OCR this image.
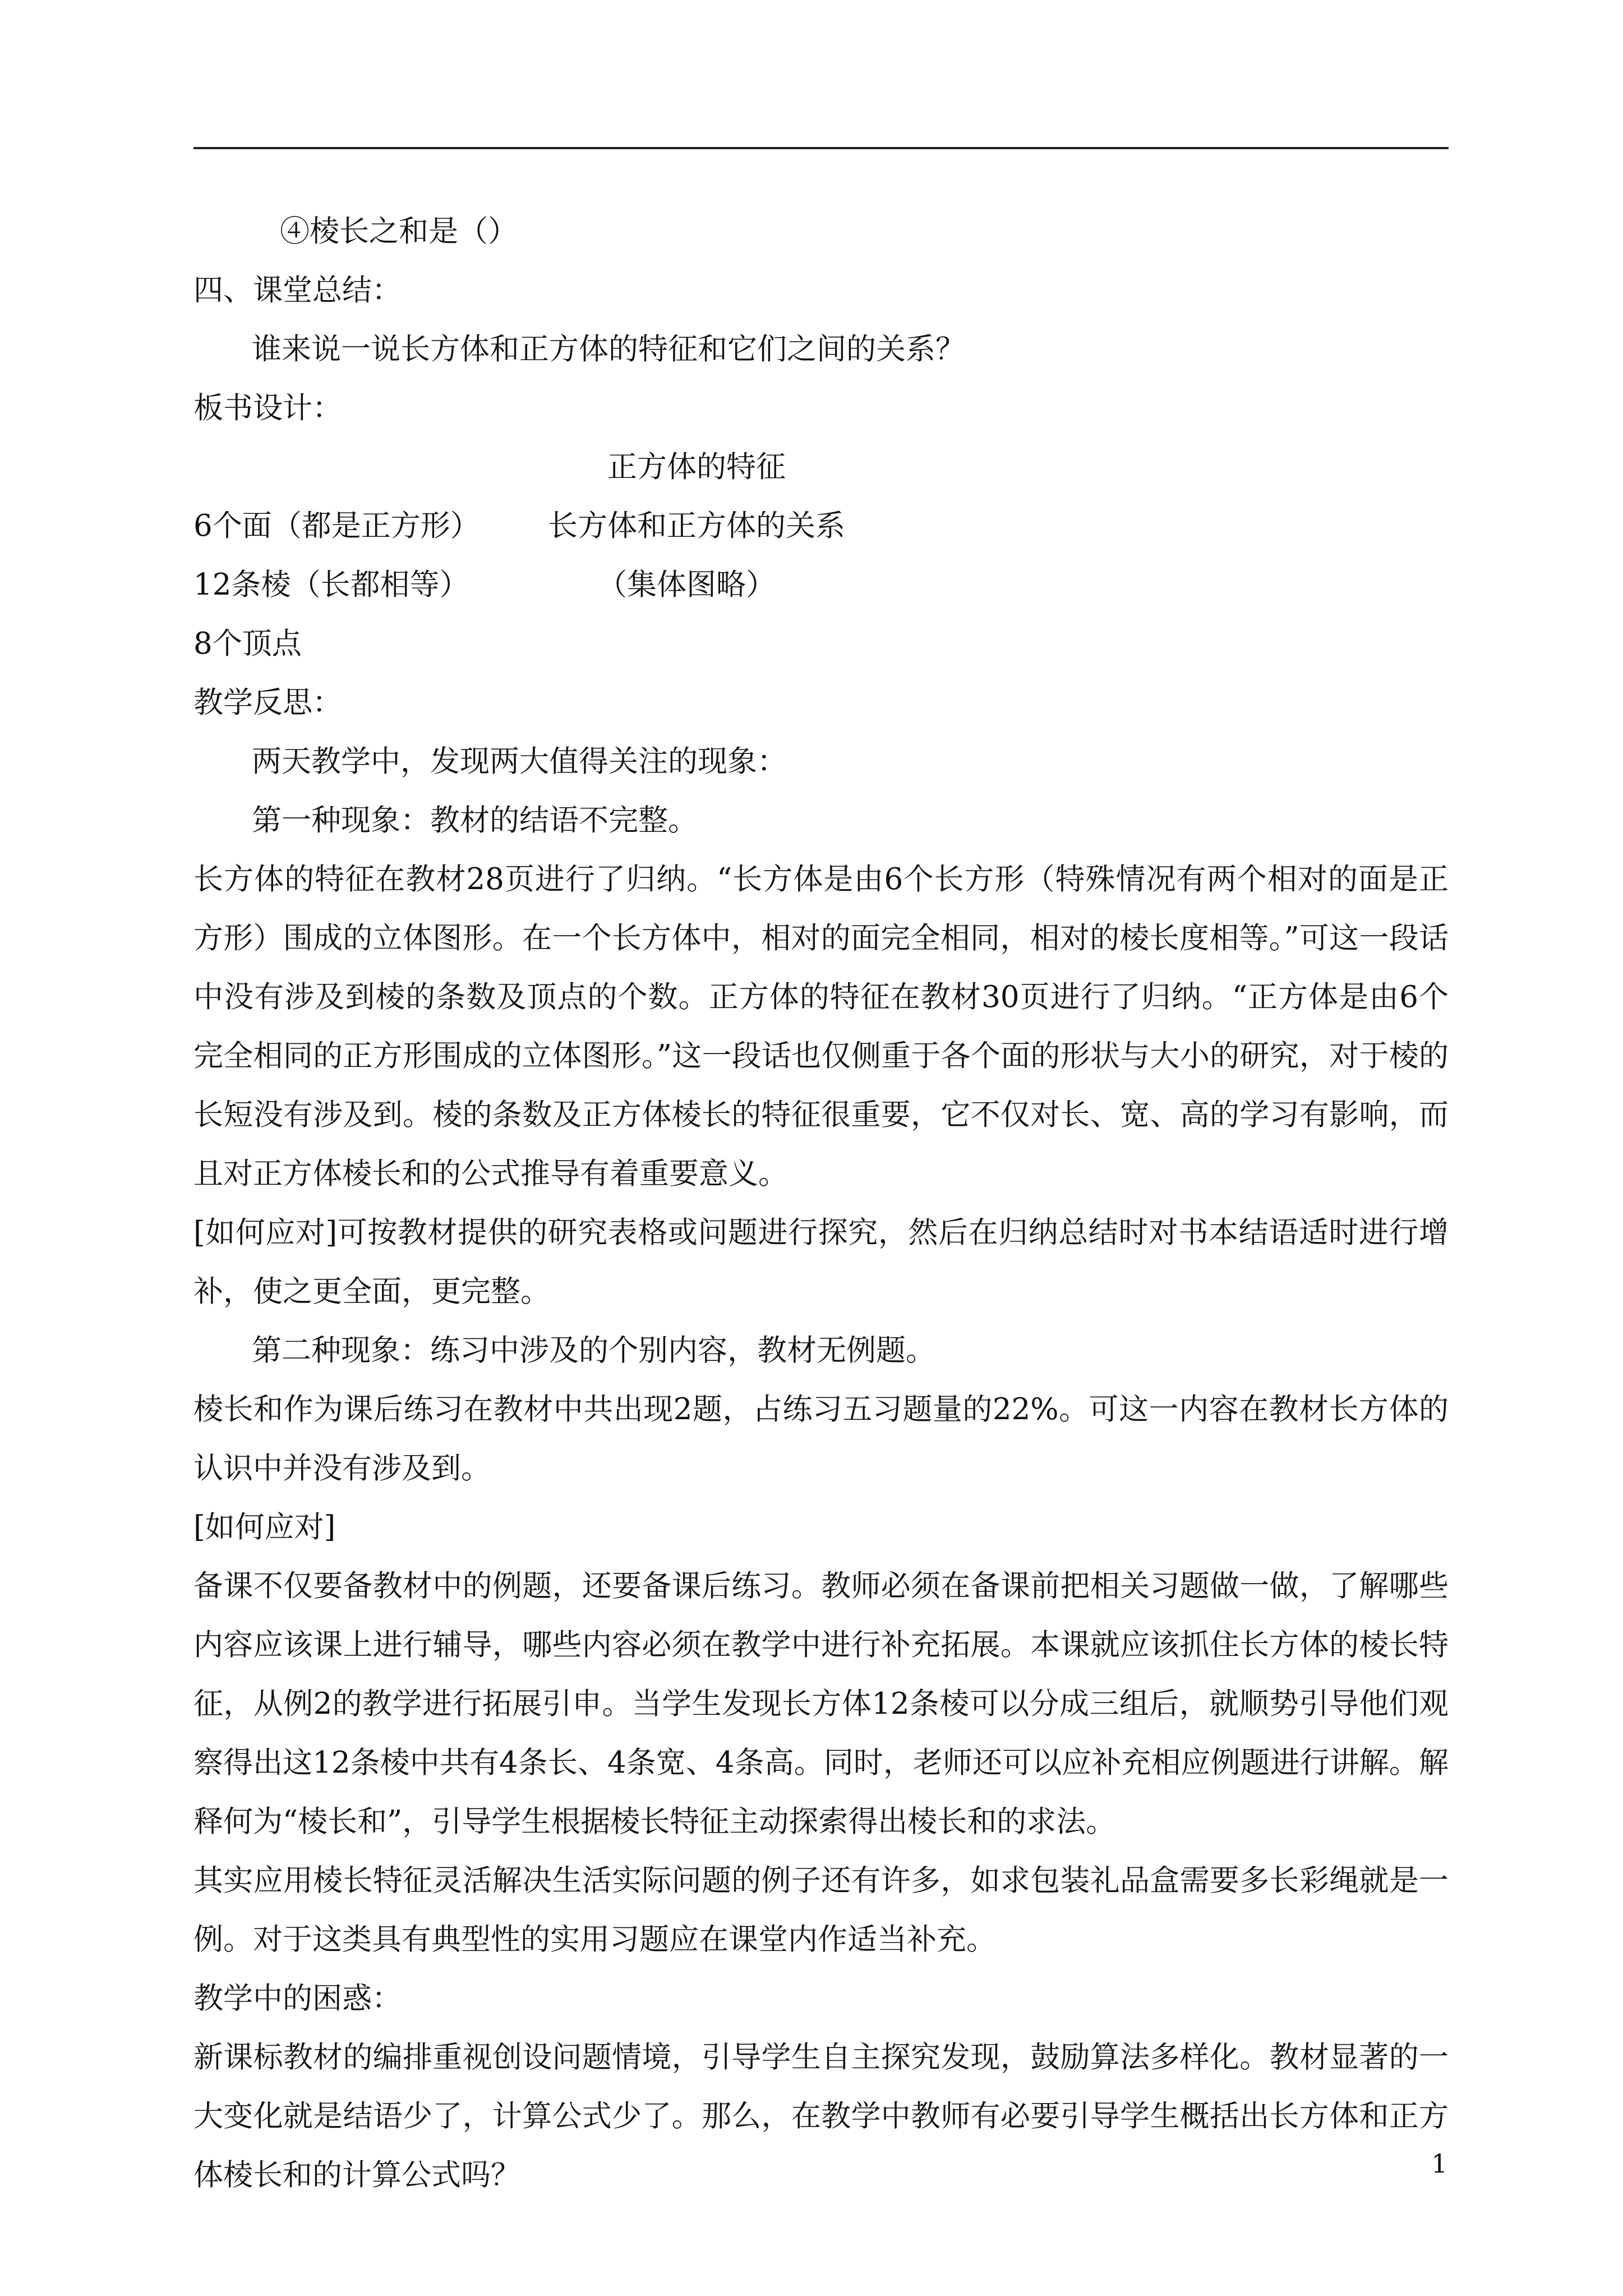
④棱长之和是（）
四、课堂总结：
谁来说一说长方体和正方体的特征和它们之间的关系？
板书设计：
正方体的特征
6个面（都是正方形） 长方体和正方体的关系
12条棱（长都相等）	（集体图略）
8个顶点
教学反思：
两天教学中，发现两大值得关注的现象：
第一种现象：教材的结语不完整。
长方体的特征在教材28页进行了归纳。“长方体是由6个长方形（特殊情况有两个相对的面是正方形）围成的立体图形。在一个长方体中，相对的面完全相同，相对的棱长度相等。”可这一段话中没有涉及到棱的条数及顶点的个数。正方体的特征在教材30页进行了归纳。“正方体是由6个完全相同的正方形围成的立体图形。”这一段话也仅侧重于各个面的形状与大小的研究，对于棱的长短没有涉及到。棱的条数及正方体棱长的特征很重要，它不仅对长、宽、高的学习有影响，而且对正方体棱长和的公式推导有着重要意义。
[如何应对]可按教材提供的研究表格或问题进行探究，然后在归纳总结时对书本结语适时进行增补，使之更全面，更完整。
第二种现象：练习中涉及的个别内容，教材无例题。
棱长和作为课后练习在教材中共出现2题，占练习五习题量的22%。可这一内容在教材长方体的认识中并没有涉及到。
[如何应对]
备课不仅要备教材中的例题，还要备课后练习。教师必须在备课前把相关习题做一做，了解哪些内容应该课上进行辅导，哪些内容必须在教学中进行补充拓展。本课就应该抓住长方体的棱长特征，从例2的教学进行拓展引申。当学生发现长方体12条棱可以分成三组后，就顺势引导他们观察得出这12条棱中共有4条长、4条宽、4条高。同时，老师还可以应补充相应例题进行讲解。解释何为“棱长和”，引导学生根据棱长特征主动探索得出棱长和的求法。
其实应用棱长特征灵活解决生活实际问题的例子还有许多，如求包装礼品盒需要多长彩绳就是一例。对于这类具有典型性的实用习题应在课堂内作适当补充。
教学中的困惑：
新课标教材的编排重视创设问题情境，引导学生自主探究发现，鼓励算法多样化。教材显著的一大变化就是结语少了，计算公式少了。那么，在教学中教师有必要引导学生概括出长方体和正方体棱长和的计算公式吗？	1
